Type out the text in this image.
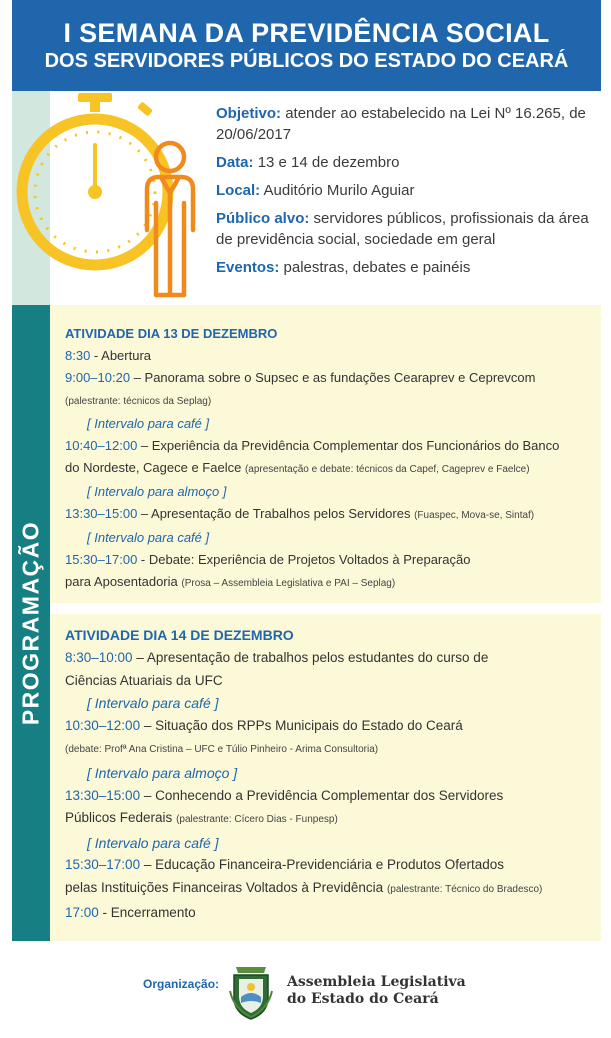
I SEMANA DA PREVIDÊNCIA SOCIAL
DOS SERVIDORES PÚBLICOS DO ESTADO DO CEARÁ

Objetivo: atender ao estabelecido na Lei Nº 16.265, de 20/06/2017

Data: 13 e 14 de dezembro

Local: Auditório Murilo Aguiar

Público alvo: servidores públicos, profissionais da área de previdência social, sociedade em geral

Eventos: palestras, debates e painéis

PROGRAMAÇÃO
ATIVIDADE DIA 13 DE DEZEMBRO
8:30 - Abertura
9:00–10:20 – Panorama sobre o Supsec e as fundações Cearaprev e Ceprevcom
(palestrante: técnicos da Seplag)
[ Intervalo para café ]
10:40–12:00 – Experiência da Previdência Complementar dos Funcionários do Banco
do Nordeste, Cagece e Faelce (apresentação e debate: técnicos da Capef, Cageprev e Faelce)
[ Intervalo para almoço ]
13:30–15:00 – Apresentação de Trabalhos pelos Servidores (Fuaspec, Mova-se, Sintaf)
[ Intervalo para café ]
15:30–17:00 - Debate: Experiência de Projetos Voltados à Preparação
para Aposentadoria (Prosa – Assembleia Legislativa e PAI – Seplag)
ATIVIDADE DIA 14 DE DEZEMBRO
8:30–10:00 – Apresentação de trabalhos pelos estudantes do curso de
Ciências Atuariais da UFC
[ Intervalo para café ]
10:30–12:00 – Situação dos RPPs Municipais do Estado do Ceará
(debate: Profª Ana Cristina – UFC e Túlio Pinheiro - Arima Consultoria)
[ Intervalo para almoço ]
13:30–15:00 – Conhecendo a Previdência Complementar dos Servidores
Públicos Federais (palestrante: Cícero Dias - Funpesp)
[ Intervalo para café ]
15:30–17:00 – Educação Financeira-Previdenciária e Produtos Ofertados
pelas Instituições Financeiras Voltados à Previdência (palestrante: Técnico do Bradesco)
17:00 - Encerramento
Organização:	Assembleia Legislativa
do Estado do Ceará
